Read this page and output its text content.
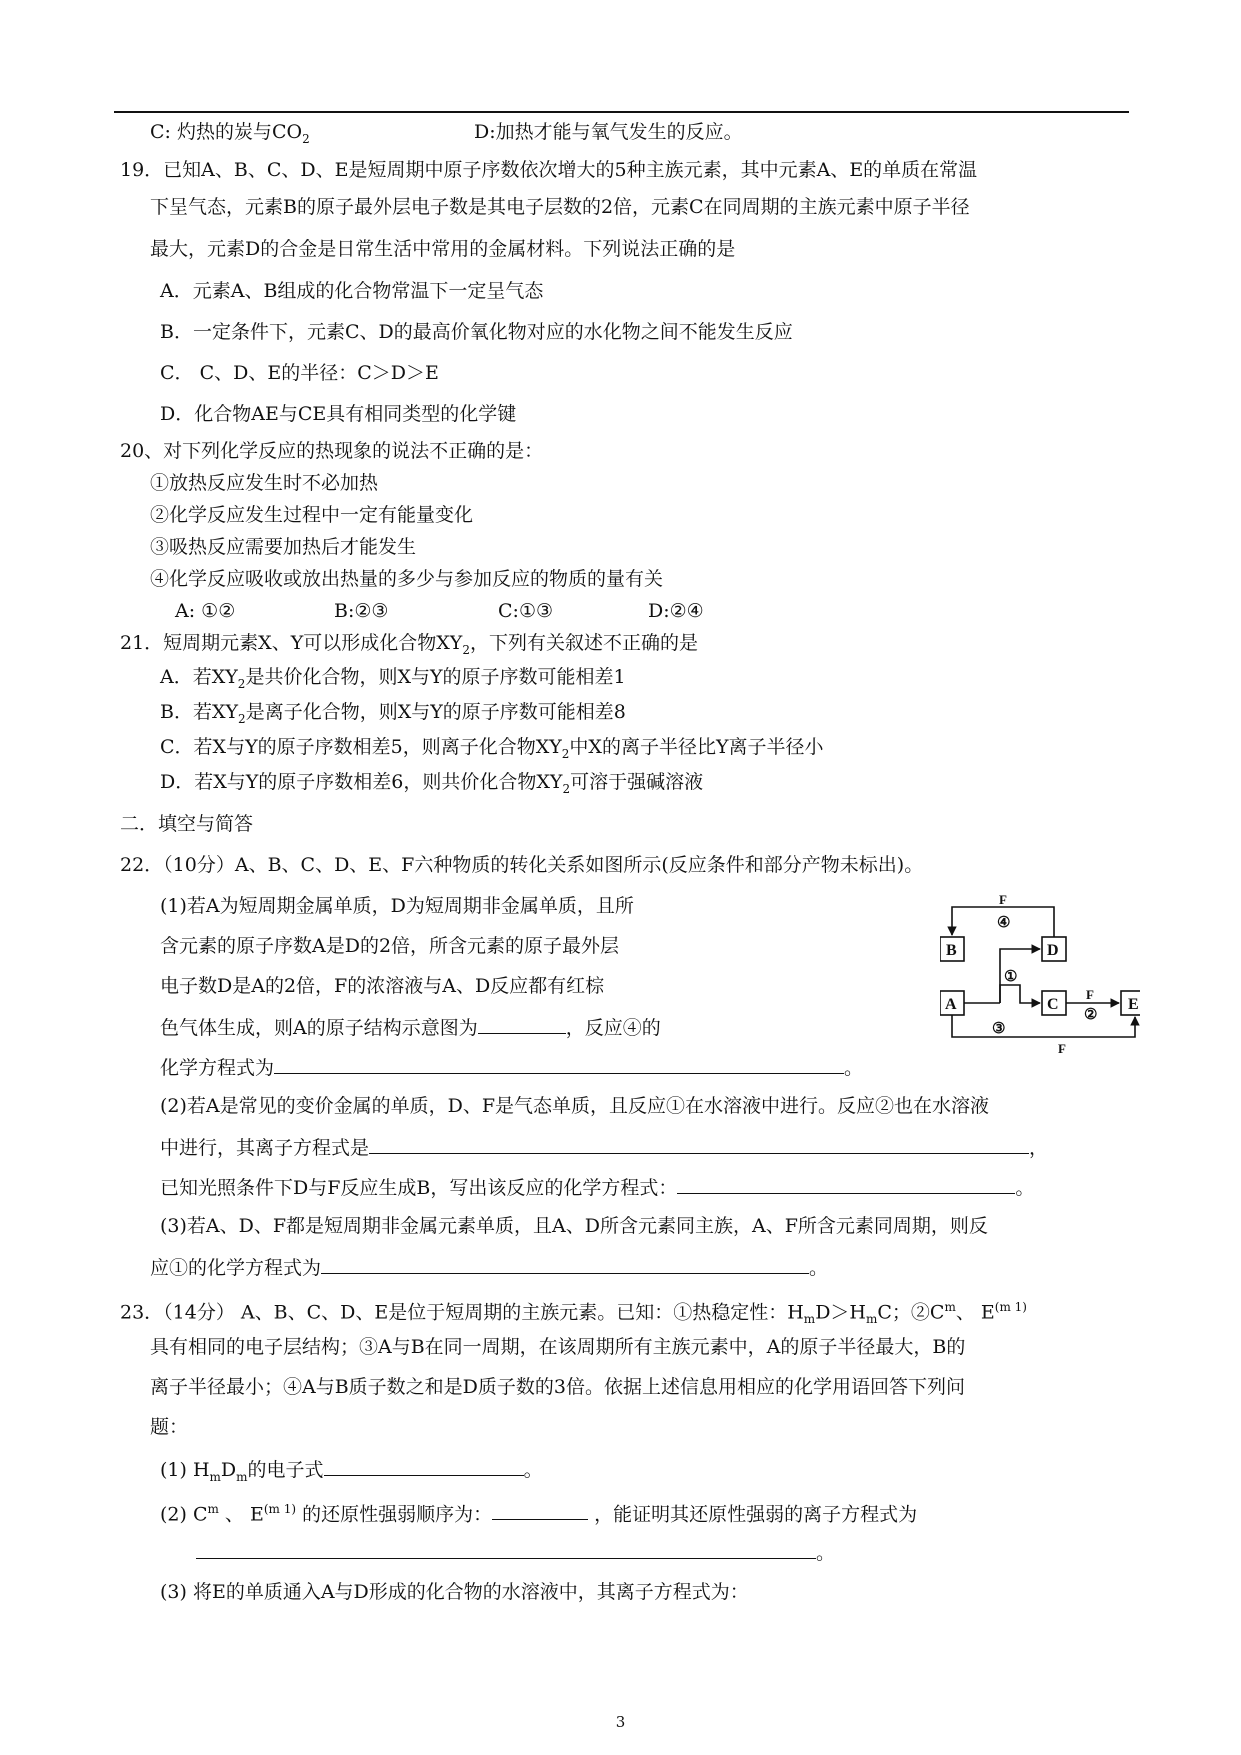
C: 灼热的炭与$CO_2$	D:加热才能与氧气发生的反应。
19．已知A、B、C、D、E是短周期中原子序数依次增大的5种主族元素，其中元素A、E的单质在常温
下呈气态，元素B的原子最外层电子数是其电子层数的2倍，元素C在同周期的主族元素中原子半径
最大，元素D的合金是日常生活中常用的金属材料。下列说法正确的是
A．元素A、B组成的化合物常温下一定呈气态
B．一定条件下，元素C、D的最高价氧化物对应的水化物之间不能发生反应
C． C、D、E的半径：C＞D＞E
D．化合物AE与CE具有相同类型的化学键
20、对下列化学反应的热现象的说法不正确的是：
①放热反应发生时不必加热
②化学反应发生过程中一定有能量变化
③吸热反应需要加热后才能发生
④化学反应吸收或放出热量的多少与参加反应的物质的量有关
A: ①②	B:②③	C:①③	D:②④
21．短周期元素X、Y可以形成化合物$XY_2$，下列有关叙述不正确的是
A．若$XY_2$是共价化合物，则X与Y的原子序数可能相差1
B．若$XY_2$是离子化合物，则X与Y的原子序数可能相差8
C．若X与Y的原子序数相差5，则离子化合物$XY_2$中X的离子半径比Y离子半径小
D．若X与Y的原子序数相差6，则共价化合物$XY_2$可溶于强碱溶液
二．填空与简答
22．（10分）A、B、C、D、E、F六种物质的转化关系如图所示(反应条件和部分产物未标出)。
(1)若A为短周期金属单质，D为短周期非金属单质，且所
含元素的原子序数A是D的2倍，所含元素的原子最外层
电子数D是A的2倍，F的浓溶液与A、D反应都有红棕
色气体生成，则A的原子结构示意图为	，反应④的
化学方程式为	。
(2)若A是常见的变价金属的单质，D、F是气态单质，且反应①在水溶液中进行。反应②也在水溶液
中进行，其离子方程式是	，
已知光照条件下D与F反应生成B，写出该反应的化学方程式：	。
(3)若A、D、F都是短周期非金属元素单质，且A、D所含元素同主族，A、F所含元素同周期，则反
应①的化学方程式为	。
B	D
A	C	E
F
④
①
F
②
③
F
23．（14分） A、B、C、D、E是位于短周期的主族元素。已知：①热稳定性：$H_mD>H_mC$；$②C^m$、 $E^{(m 1)}$
具有相同的电子层结构；③A与B在同一周期，在该周期所有主族元素中，A的原子半径最大，B的
离子半径最小；④A与B质子数之和是D质子数的3倍。依据上述信息用相应的化学用语回答下列问
题：
(1) $H_mD_m$的电子式	。
(2) $C^m$ 、 $E^{(m 1)}$ 的还原性强弱顺序为：	，能证明其还原性强弱的离子方程式为
。
(3) 将E的单质通入A与D形成的化合物的水溶液中，其离子方程式为：
3
